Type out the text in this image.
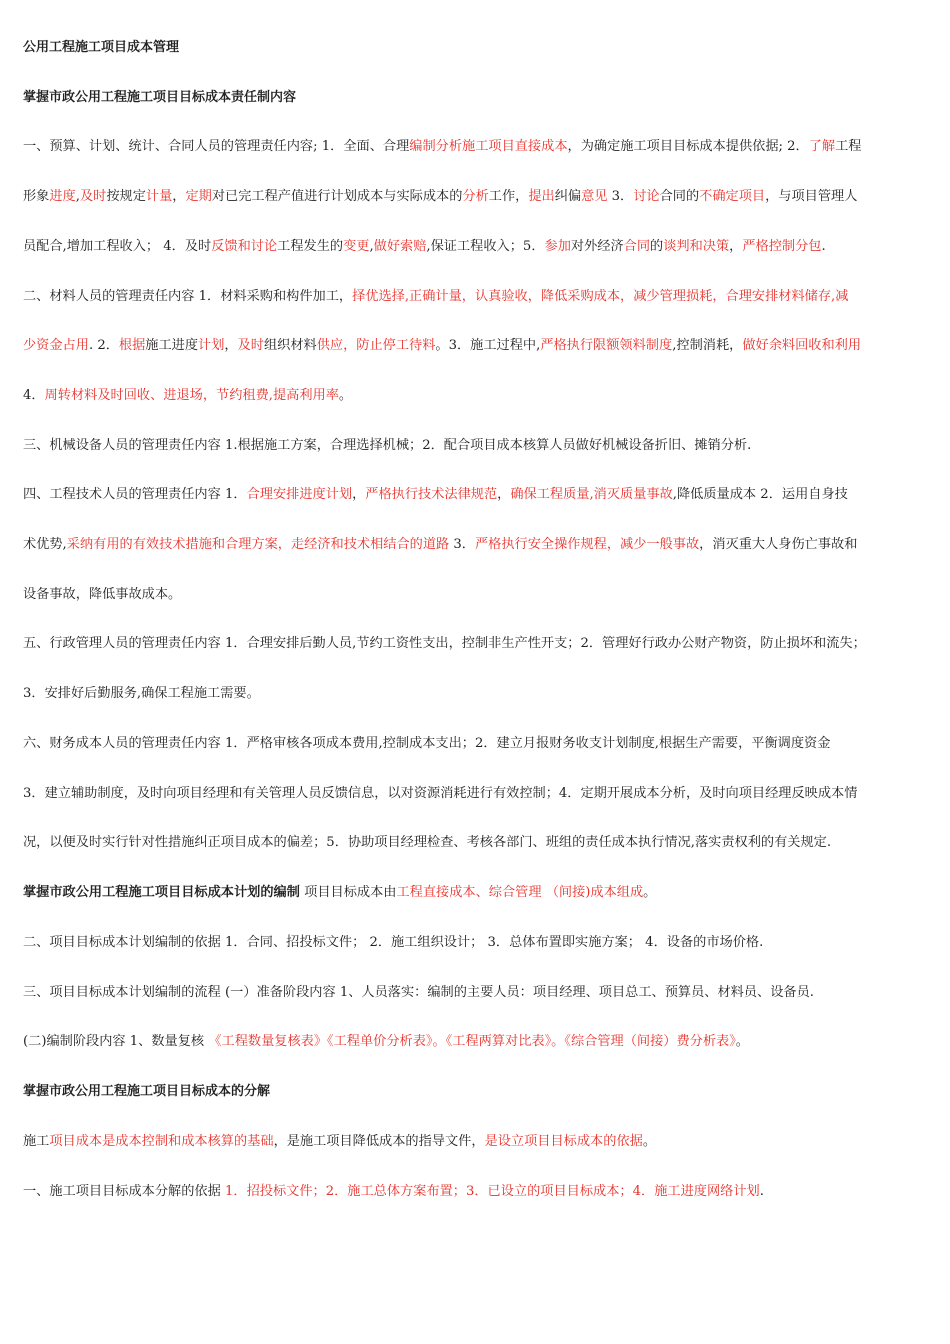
公用工程施工项目成本管理
掌握市政公用工程施工项目目标成本责任制内容
一、预算、计划、统计、合同人员的管理责任内容; 1．全面、合理编制分析施工项目直接成本，为确定施工项目目标成本提供依据; 2．了解工程
形象进度,及时按规定计量，定期对已完工程产值进行计划成本与实际成本的分析工作，提出纠偏意见 3．讨论合同的不确定项目，与项目管理人
员配合,增加工程收入； 4．及时反馈和讨论工程发生的变更,做好索赔,保证工程收入；5．参加对外经济合同的谈判和决策，严格控制分包.
二、材料人员的管理责任内容 1．材料采购和构件加工，择优选择,正确计量，认真验收，降低采购成本，减少管理损耗，合理安排材料储存,减
少资金占用. 2．根据施工进度计划，及时组织材料供应，防止停工待料。3．施工过程中,严格执行限额领料制度,控制消耗，做好余料回收和利用
4．周转材料及时回收、进退场，节约租费,提高利用率。
三、机械设备人员的管理责任内容 1.根据施工方案，合理选择机械；2．配合项目成本核算人员做好机械设备折旧、摊销分析.
四、工程技术人员的管理责任内容 1．合理安排进度计划，严格执行技术法律规范，确保工程质量,消灭质量事故,降低质量成本 2．运用自身技
术优势,采纳有用的有效技术措施和合理方案，走经济和技术相结合的道路 3．严格执行安全操作规程，减少一般事故，消灭重大人身伤亡事故和
设备事故，降低事故成本。
五、行政管理人员的管理责任内容 1．合理安排后勤人员,节约工资性支出，控制非生产性开支；2．管理好行政办公财产物资，防止损坏和流失；
3．安排好后勤服务,确保工程施工需要。
六、财务成本人员的管理责任内容 1．严格审核各项成本费用,控制成本支出；2．建立月报财务收支计划制度,根据生产需要，平衡调度资金
3．建立辅助制度，及时向项目经理和有关管理人员反馈信息，以对资源消耗进行有效控制；4．定期开展成本分析，及时向项目经理反映成本情
况，以便及时实行针对性措施纠正项目成本的偏差；5．协助项目经理检查、考核各部门、班组的责任成本执行情况,落实责权利的有关规定.
掌握市政公用工程施工项目目标成本计划的编制 项目目标成本由工程直接成本、综合管理 （间接)成本组成。
二、项目目标成本计划编制的依据 1．合同、招投标文件； 2．施工组织设计； 3．总体布置即实施方案； 4．设备的市场价格.
三、项目目标成本计划编制的流程 (一）准备阶段内容 1、人员落实：编制的主要人员：项目经理、项目总工、预算员、材料员、设备员.
(二)编制阶段内容 1、数量复核 《工程数量复核表》《工程单价分析表》。《工程两算对比表》。《综合管理（间接）费分析表》。
掌握市政公用工程施工项目目标成本的分解
施工项目成本是成本控制和成本核算的基础，是施工项目降低成本的指导文件，是设立项目目标成本的依据。
一、施工项目目标成本分解的依据 1．招投标文件；2．施工总体方案布置；3．已设立的项目目标成本；4．施工进度网络计划.
